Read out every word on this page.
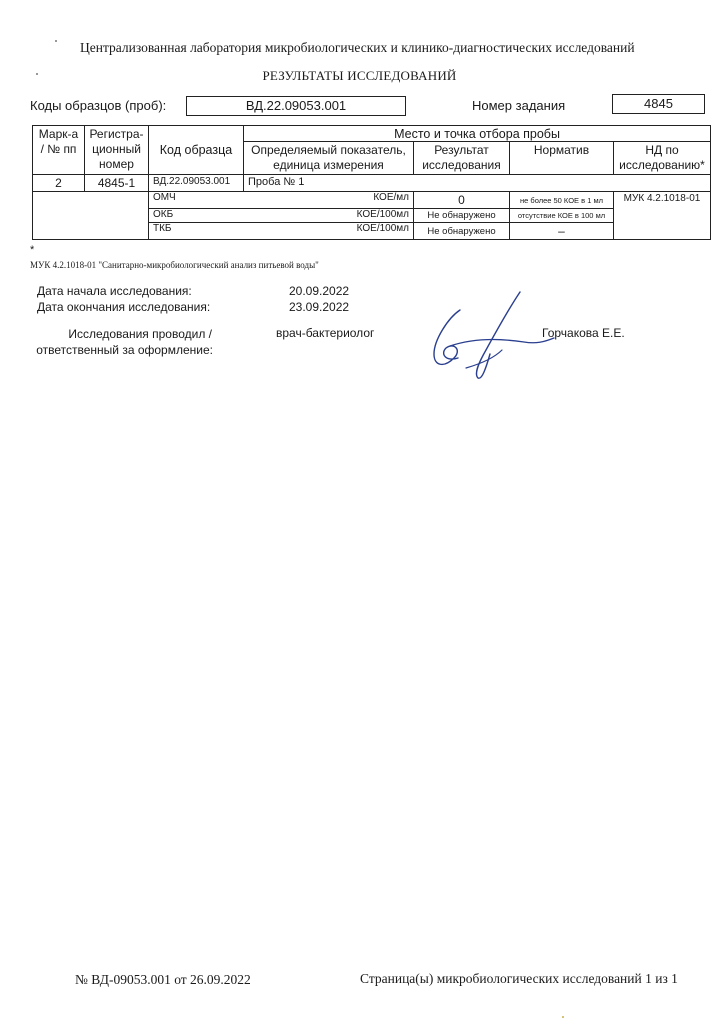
Централизованная лаборатория микробиологических и клинико-диагностических исследований
РЕЗУЛЬТАТЫ ИССЛЕДОВАНИЙ
Коды образцов (проб):	ВД.22.09053.001	Номер задания	4845
Марк-а / № пп	Регистра-ционный номер	Код образца	Место и точка отбора пробы			
			Определяемый показатель, единица измерения	Результат исследования	Норматив	НД по исследованию*
2	4845-1	ВД.22.09053.001	Проба № 1			
		ОМЧ КОЕ/мл		0	не более 50 КОЕ в 1 мл	МУК 4.2.1018-01
		ОКБ КОЕ/100мл		Не обнаружено	отсутствие КОЕ в 100 мл	
		ТКБ КОЕ/100мл		Не обнаружено	–	
*
МУК 4.2.1018-01 "Санитарно-микробиологический анализ питьевой воды"
Дата начала исследования:	20.09.2022
Дата окончания исследования:	23.09.2022
Исследования проводил /
ответственный за оформление:
врач-бактериолог	Горчакова Е.Е.
№ ВД-09053.001 от 26.09.2022	Страница(ы) микробиологических исследований 1 из 1
